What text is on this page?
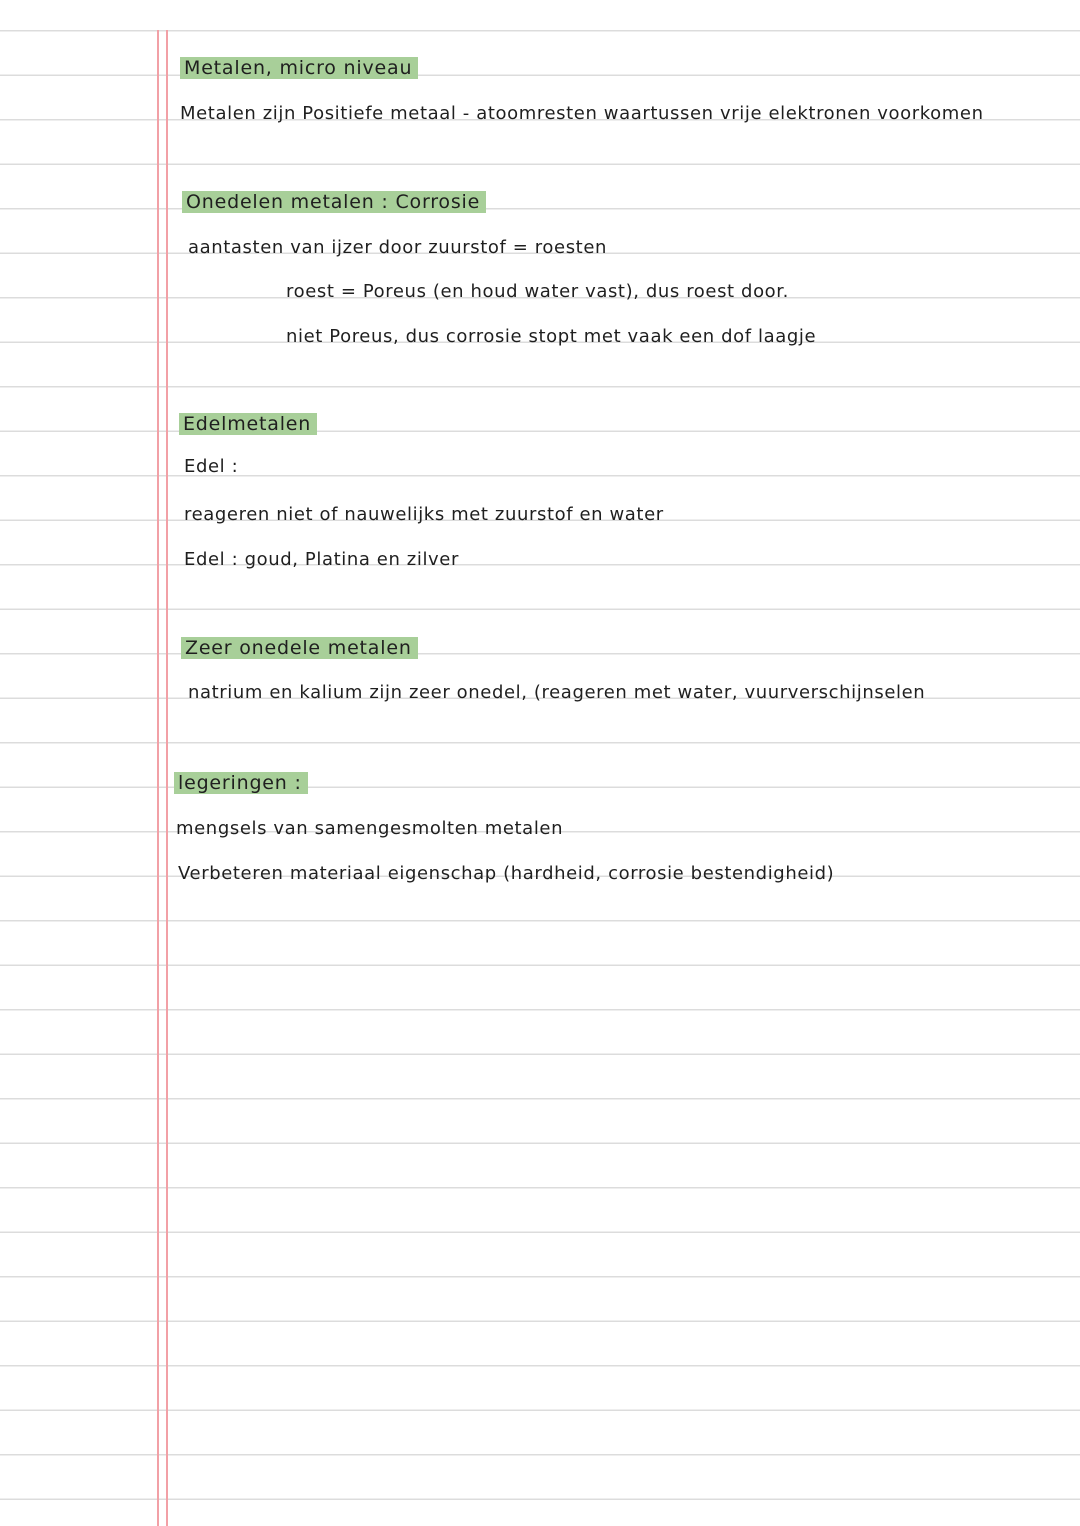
Metalen, micro niveau
Metalen zijn Positiefe metaal - atoomresten waartussen vrije elektronen voorkomen
Onedelen metalen : Corrosie
aantasten van ijzer door zuurstof = roesten
roest = Poreus (en houd water vast), dus roest door.
niet Poreus, dus corrosie stopt met vaak een dof laagje
Edelmetalen
Edel :
reageren niet of nauwelijks met zuurstof en water
Edel : goud, Platina en zilver
Zeer onedele metalen
natrium en kalium zijn zeer onedel, (reageren met water, vuurverschijnselen
legeringen :
mengsels van samengesmolten metalen
Verbeteren materiaal eigenschap (hardheid, corrosie bestendigheid)
